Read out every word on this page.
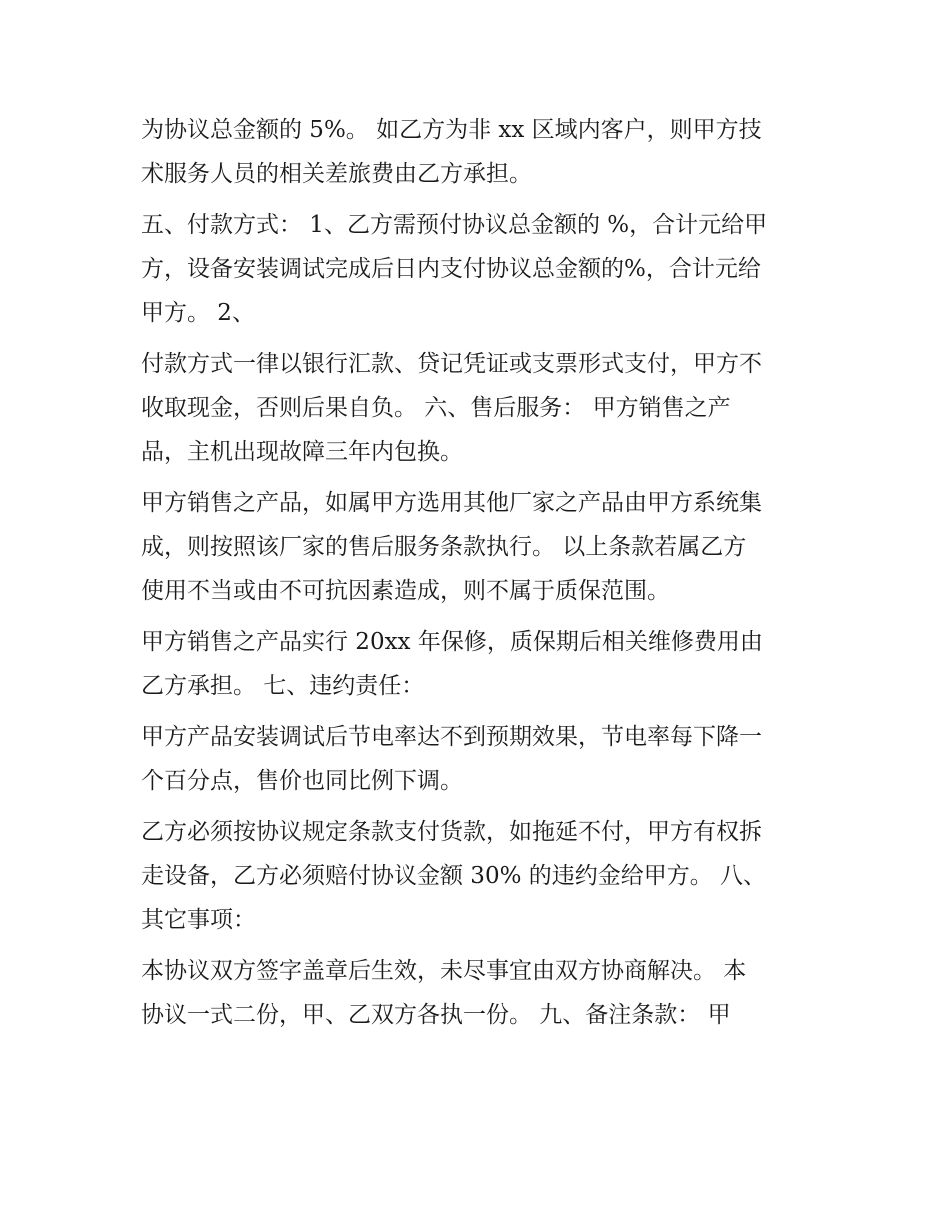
为协议总金额的 5%。 如乙方为非 xx 区域内客户，则甲方技

术服务人员的相关差旅费由乙方承担。

五、付款方式： 1、乙方需预付协议总金额的 %，合计元给甲

方，设备安装调试完成后日内支付协议总金额的%，合计元给

甲方。 2、

付款方式一律以银行汇款、贷记凭证或支票形式支付，甲方不

收取现金，否则后果自负。 六、售后服务： 甲方销售之产

品，主机出现故障三年内包换。

甲方销售之产品，如属甲方选用其他厂家之产品由甲方系统集

成，则按照该厂家的售后服务条款执行。 以上条款若属乙方

使用不当或由不可抗因素造成，则不属于质保范围。

甲方销售之产品实行 20xx 年保修，质保期后相关维修费用由

乙方承担。 七、违约责任：

甲方产品安装调试后节电率达不到预期效果，节电率每下降一

个百分点，售价也同比例下调。

乙方必须按协议规定条款支付货款，如拖延不付，甲方有权拆

走设备，乙方必须赔付协议金额 30% 的违约金给甲方。 八、

其它事项：

本协议双方签字盖章后生效，未尽事宜由双方协商解决。 本

协议一式二份，甲、乙双方各执一份。 九、备注条款： 甲
